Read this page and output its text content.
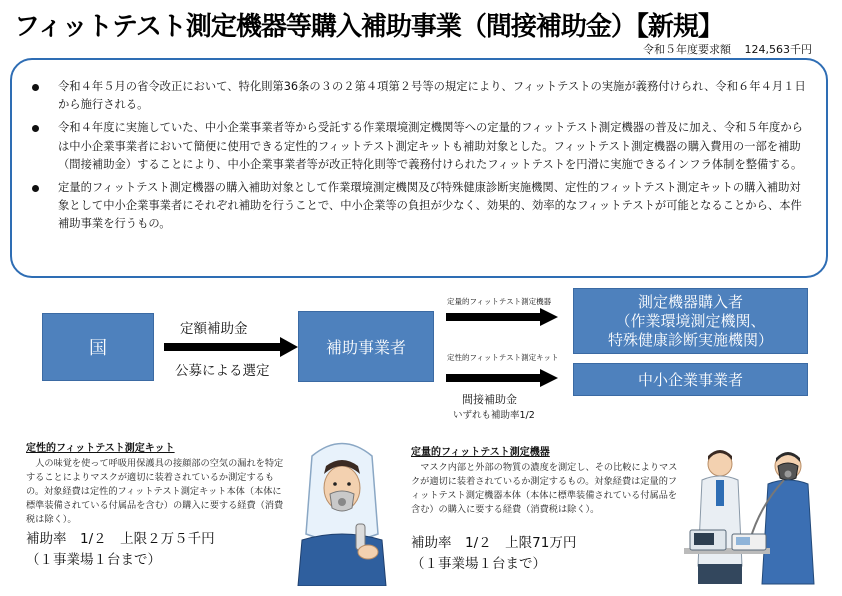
フィットテスト測定機器等購入補助事業（間接補助金）【新規】
令和５年度要求額 124,563千円
令和４年５月の省令改正において、特化則第36条の３の２第４項第２号等の規定により、フィットテストの実施が義務付けられ、令和６年４月１日から施行される。
令和４年度に実施していた、中小企業事業者等から受託する作業環境測定機関等への定量的フィットテスト測定機器の普及に加え、令和５年度からは中小企業事業者において簡便に使用できる定性的フィットテスト測定キットも補助対象とした。フィットテスト測定機器の購入費用の一部を補助（間接補助金）することにより、中小企業事業者等が改正特化則等で義務付けられたフィットテストを円滑に実施できるインフラ体制を整備する。
定量的フィットテスト測定機器の購入補助対象として作業環境測定機関及び特殊健康診断実施機関、定性的フィットテスト測定キットの購入補助対象として中小企業事業者にそれぞれ補助を行うことで、中小企業等の負担が少なく、効果的、効率的なフィットテストが可能となることから、本件補助事業を行うもの。
国
定額補助金
公募による選定
補助事業者
定量的フィットテスト測定機器
定性的フィットテスト測定キット
間接補助金
いずれも補助率1/2
測定機器購入者
（作業環境測定機関、
特殊健康診断実施機関）
中小企業事業者
定性的フィットテスト測定キット
人の味覚を使って呼吸用保護具の接顔部の空気の漏れを特定することによりマスクが適切に装着されているか測定するもの。対象経費は定性的フィットテスト測定キット本体（本体に標準装備されている付属品を含む）の購入に要する経費（消費税は除く）。
補助率　1/２　上限２万５千円
（１事業場１台まで）
定量的フィットテスト測定機器
マスク内部と外部の物質の濃度を測定し、その比較によりマスクが適切に装着されているか測定するもの。対象経費は定量的フィットテスト測定機器本体（本体に標準装備されている付属品を含む）の購入に要する経費（消費税は除く）。
補助率　1/２　上限71万円
（１事業場１台まで）
